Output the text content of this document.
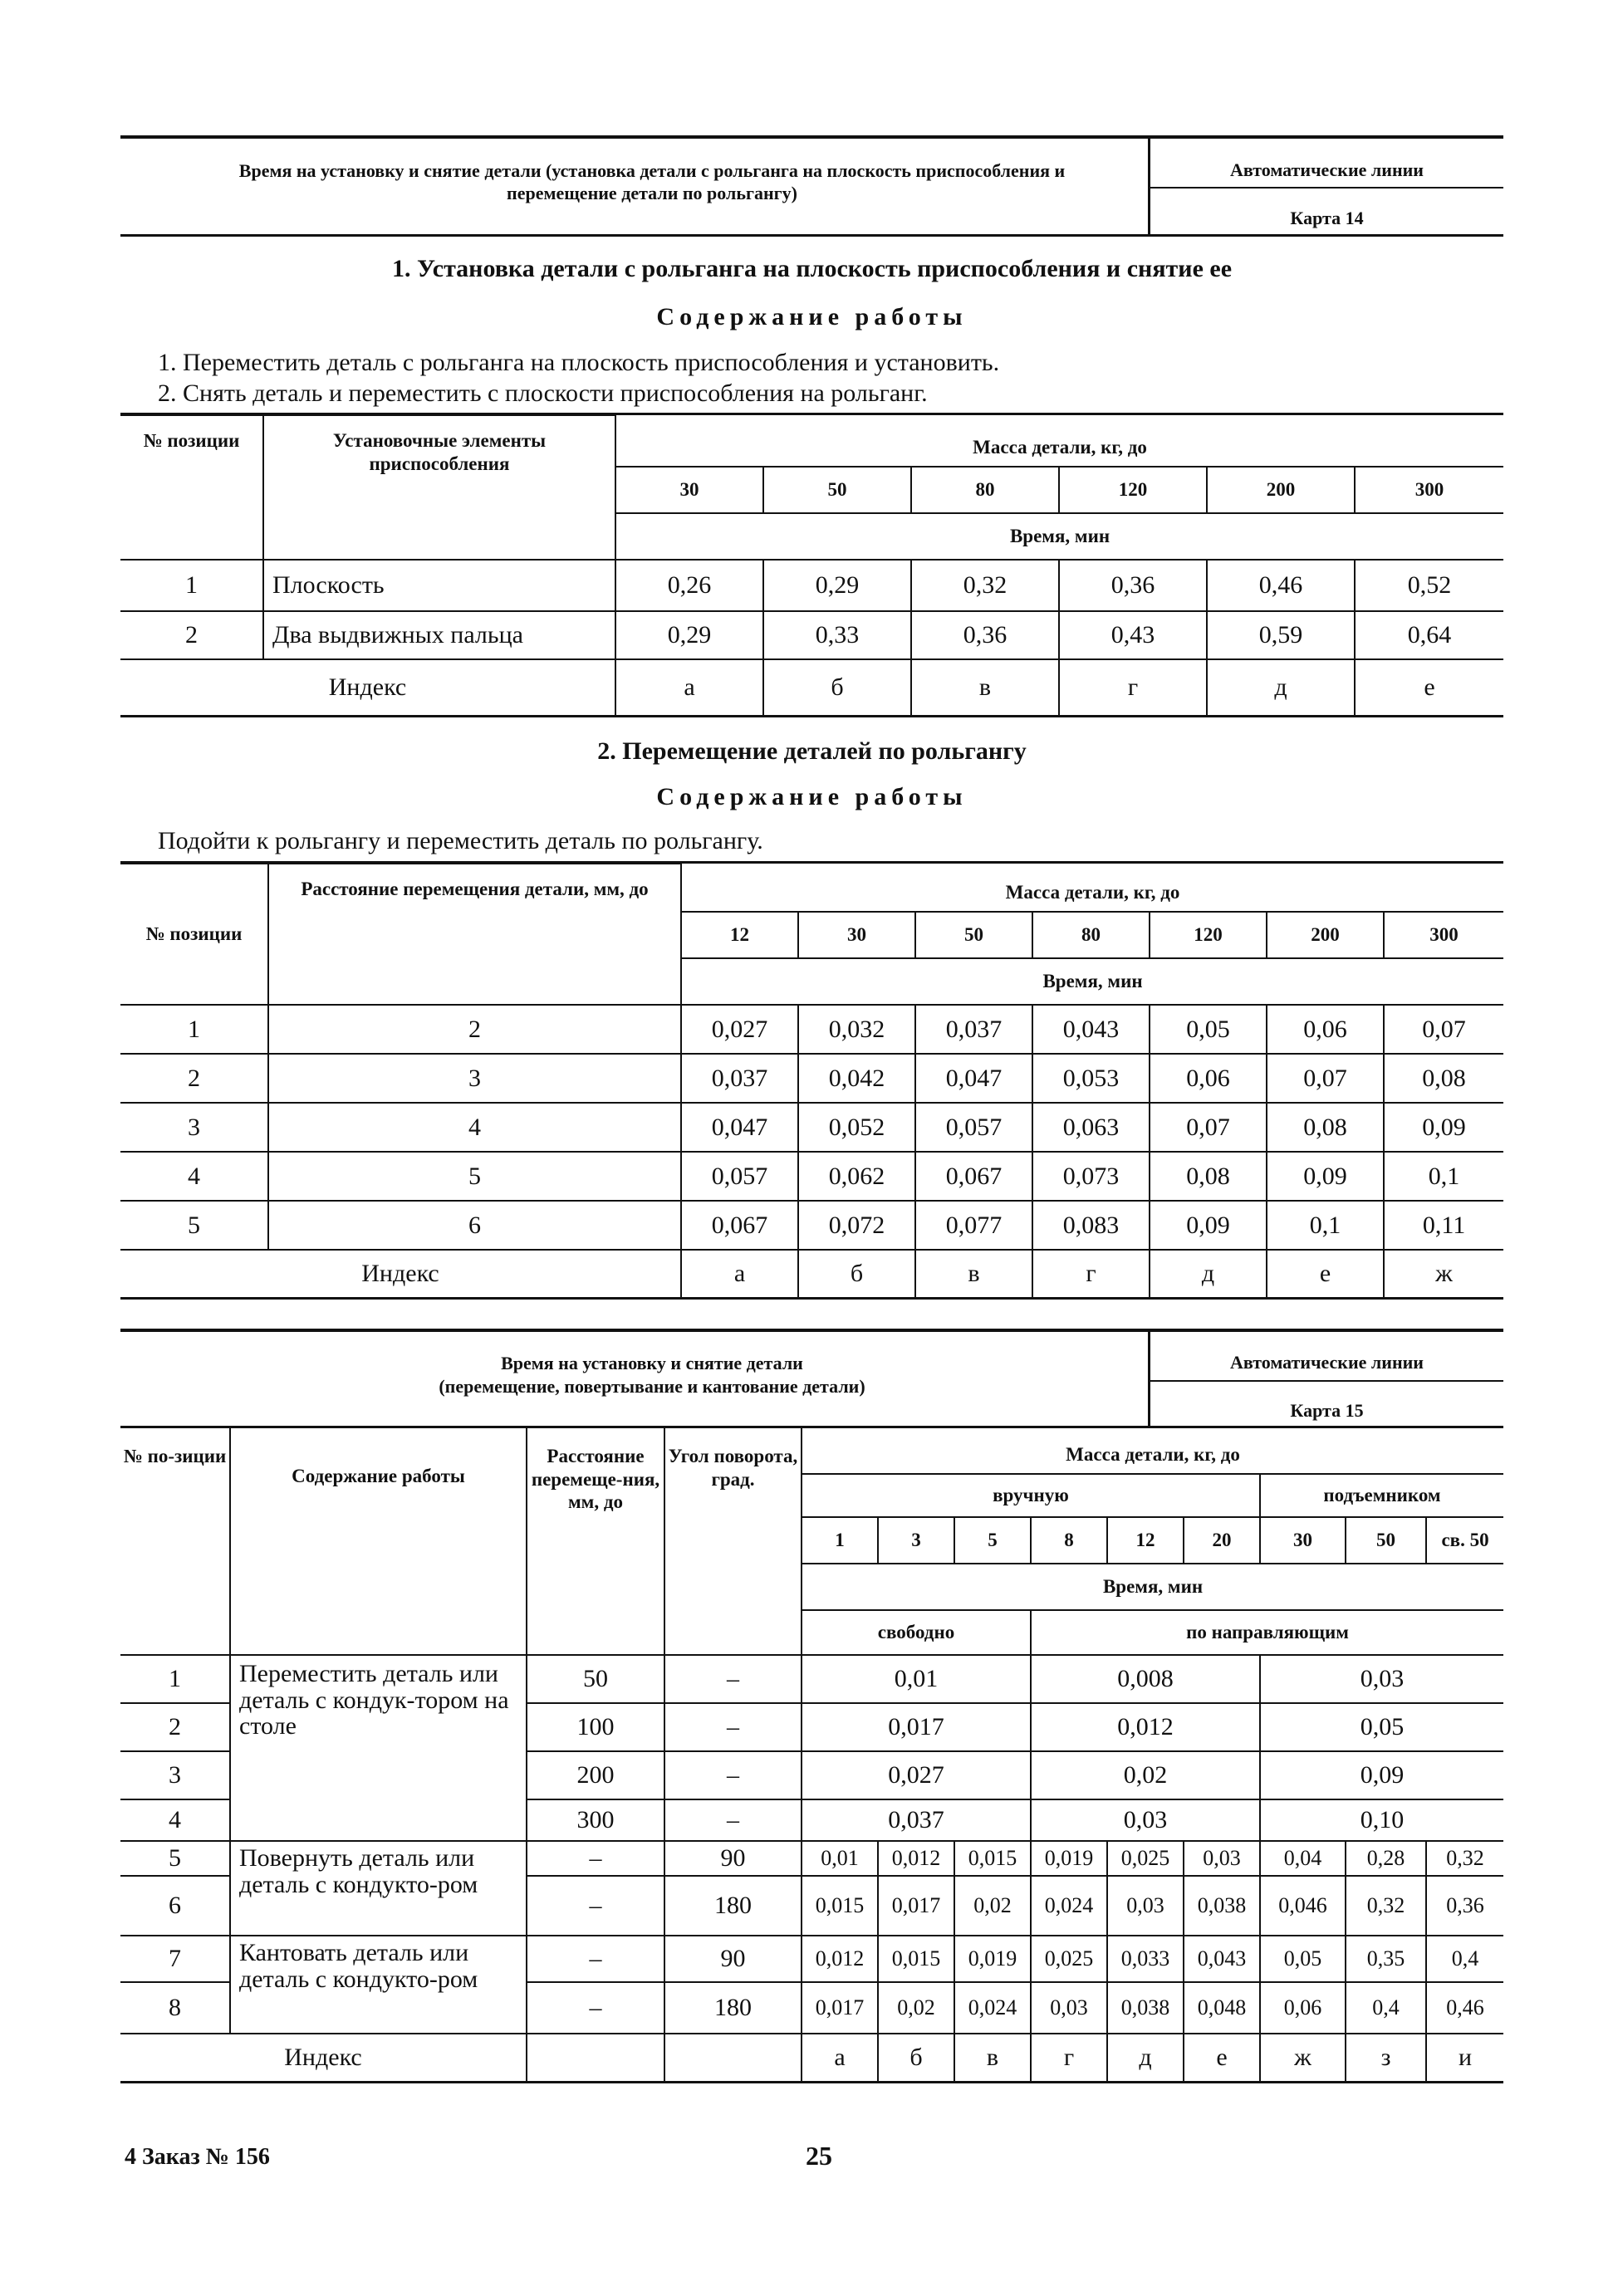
Время на установку и снятие детали (установка детали с рольганга на плоскость приспособления и перемещение детали по рольгангу)
Автоматические линии
Карта 14
1. Установка детали с рольганга на плоскость приспособления и снятие ее
Содержание работы
1. Переместить деталь с рольганга на плоскость приспособления и установить.
2. Снять деталь и переместить с плоскости приспособления на рольганг.
№ позиции	Установочные элементы приспособления	Масса детали, кг, до					
		30	50	80	120	200	300
		Время, мин					
1	Плоскость	0,26	0,29	0,32	0,36	0,46	0,52
2	Два выдвижных пальца	0,29	0,33	0,36	0,43	0,59	0,64
Индекс		а	б	в	г	д	е
2. Перемещение деталей по рольгангу
Содержание работы
Подойти к рольгангу и переместить деталь по рольгангу.
№ позиции	Расстояние перемещения детали, мм, до	Масса детали, кг, до						
		12	30	50	80	120	200	300
		Время, мин						
1	2	0,027	0,032	0,037	0,043	0,05	0,06	0,07
2	3	0,037	0,042	0,047	0,053	0,06	0,07	0,08
3	4	0,047	0,052	0,057	0,063	0,07	0,08	0,09
4	5	0,057	0,062	0,067	0,073	0,08	0,09	0,1
5	6	0,067	0,072	0,077	0,083	0,09	0,1	0,11
Индекс		а	б	в	г	д	е	ж
Время на установку и снятие детали
(перемещение, повертывание и кантование детали)
Автоматические линии
Карта 15
№ по-зиции	Содержание работы	Расстояние перемеще-ния, мм, до	Угол поворота, град.	Масса детали, кг, до								
				вручную						подъемником		
				1	3	5	8	12	20	30	50	св. 50
				Время, мин								
				свободно			по направляющим					
1	Переместить деталь или деталь с кондук-тором на столе	50	–	0,01			0,008			0,03		
2		100	–	0,017			0,012			0,05		
3		200	–	0,027			0,02			0,09		
4		300	–	0,037			0,03			0,10		
5	Повернуть деталь или деталь с кондукто-ром	–	90	0,01	0,012	0,015	0,019	0,025	0,03	0,04	0,28	0,32
6		–	180	0,015	0,017	0,02	0,024	0,03	0,038	0,046	0,32	0,36
7	Кантовать деталь или деталь с кондукто-ром	–	90	0,012	0,015	0,019	0,025	0,033	0,043	0,05	0,35	0,4
8		–	180	0,017	0,02	0,024	0,03	0,038	0,048	0,06	0,4	0,46
Индекс				а	б	в	г	д	е	ж	з	и
4 Заказ № 156	25
